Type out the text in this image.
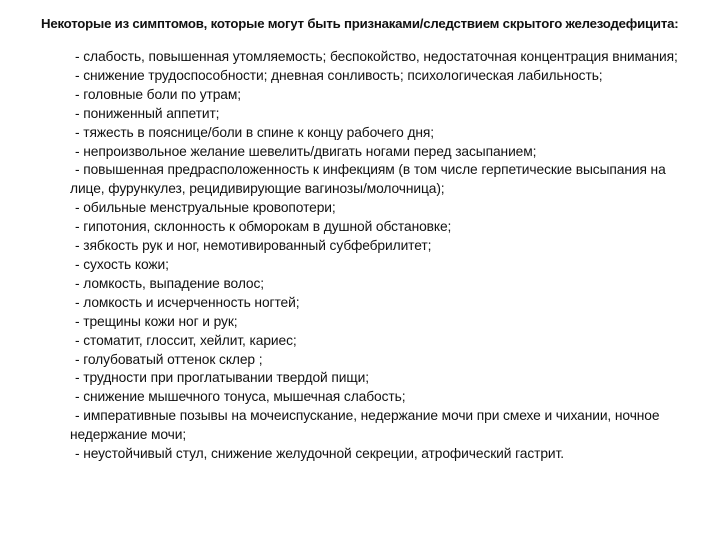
Некоторые из симптомов, которые могут быть признаками/следствием скрытого железодефицита:
- слабость, повышенная утомляемость; беспокойство, недостаточная концентрация внимания;
- снижение трудоспособности; дневная сонливость; психологическая лабильность;
- головные боли по утрам;
- пониженный аппетит;
- тяжесть в пояснице/боли в спине к концу рабочего дня;
- непроизвольное желание шевелить/двигать ногами перед засыпанием;
- повышенная предрасположенность к инфекциям (в том числе герпетические высыпания на лице, фурункулез, рецидивирующие вагинозы/молочница);
- обильные менструальные кровопотери;
- гипотония, склонность к обморокам в душной обстановке;
- зябкость рук и ног, немотивированный субфебрилитет;
- сухость кожи;
- ломкость, выпадение волос;
- ломкость и исчерченность ногтей;
- трещины кожи ног и рук;
- стоматит, глоссит, хейлит, кариес;
- голубоватый оттенок склер ;
- трудности при проглатывании твердой пищи;
- снижение мышечного тонуса, мышечная слабость;
- императивные позывы на мочеиспускание, недержание мочи при смехе и чихании, ночное недержание мочи;
- неустойчивый стул, снижение желудочной секреции, атрофический гастрит.
